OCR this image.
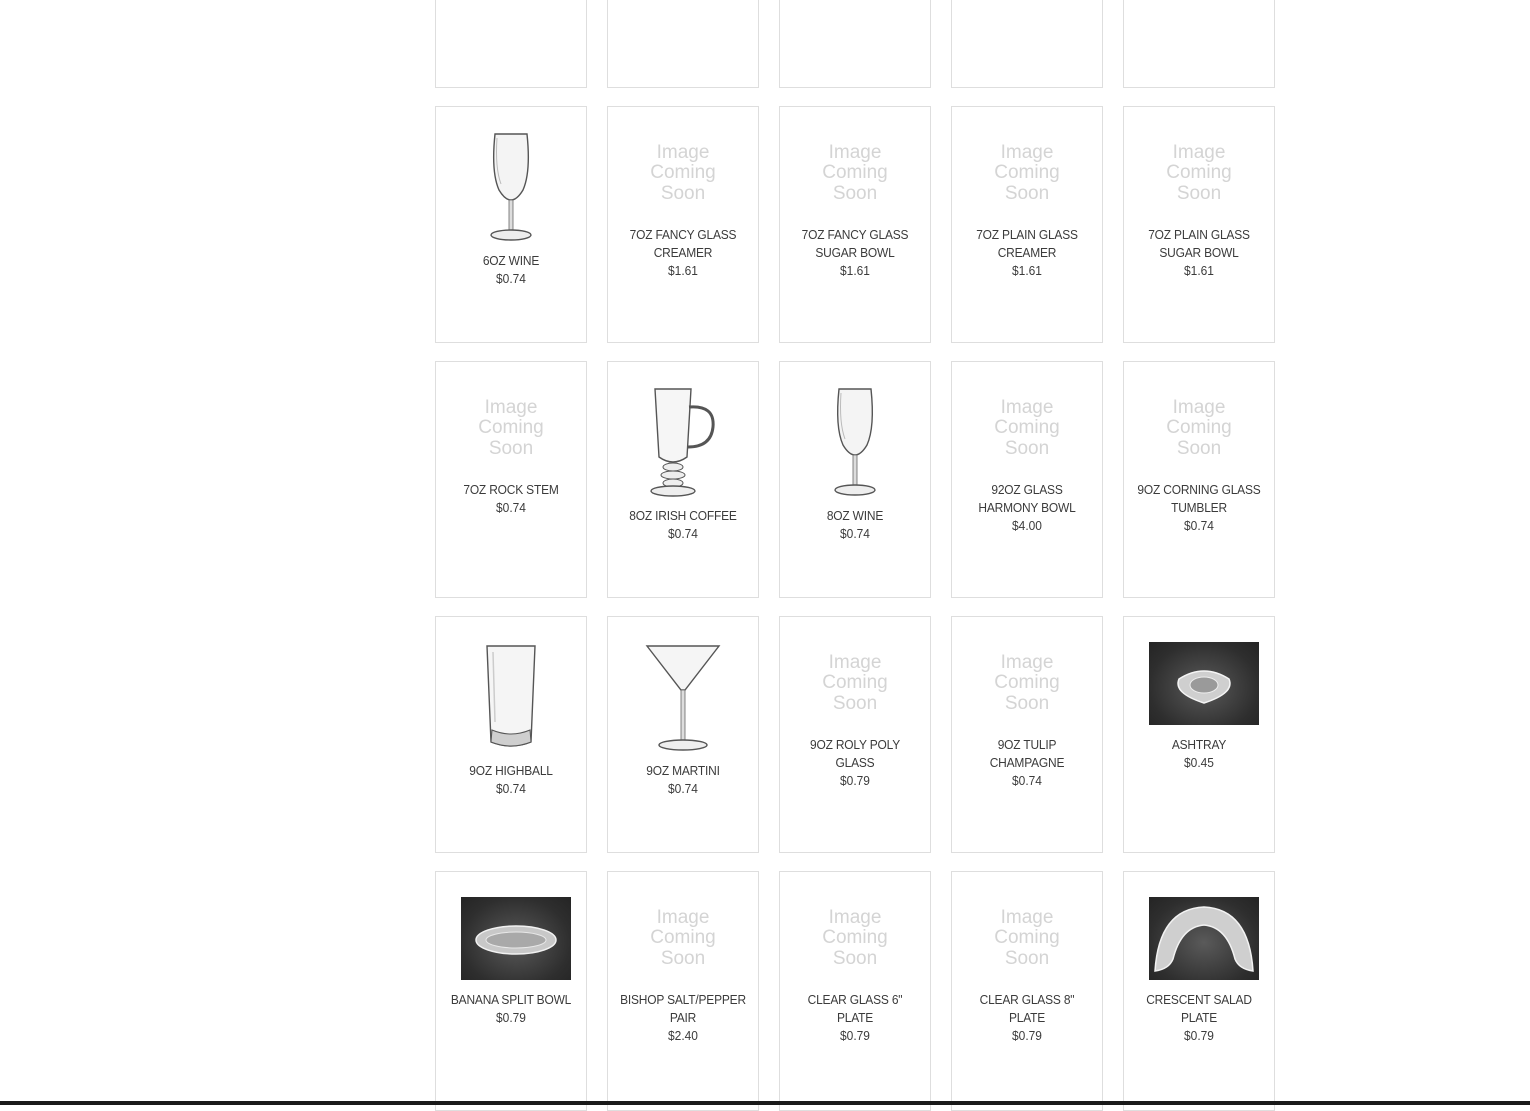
6OZ WINE
$0.74
Image
Coming
Soon
7OZ FANCY GLASS CREAMER
$1.61
Image
Coming
Soon
7OZ FANCY GLASS SUGAR BOWL
$1.61
Image
Coming
Soon
7OZ PLAIN GLASS CREAMER
$1.61
Image
Coming
Soon
7OZ PLAIN GLASS SUGAR BOWL
$1.61
Image
Coming
Soon
7OZ ROCK STEM
$0.74
8OZ IRISH COFFEE
$0.74
8OZ WINE
$0.74
Image
Coming
Soon
92OZ GLASS HARMONY BOWL
$4.00
Image
Coming
Soon
9OZ CORNING GLASS TUMBLER
$0.74
9OZ HIGHBALL
$0.74
9OZ MARTINI
$0.74
Image
Coming
Soon
9OZ ROLY POLY GLASS
$0.79
Image
Coming
Soon
9OZ TULIP CHAMPAGNE
$0.74
ASHTRAY
$0.45
BANANA SPLIT BOWL
$0.79
Image
Coming
Soon
BISHOP SALT/PEPPER PAIR
$2.40
Image
Coming
Soon
CLEAR GLASS 6" PLATE
$0.79
Image
Coming
Soon
CLEAR GLASS 8" PLATE
$0.79
CRESCENT SALAD PLATE
$0.79
